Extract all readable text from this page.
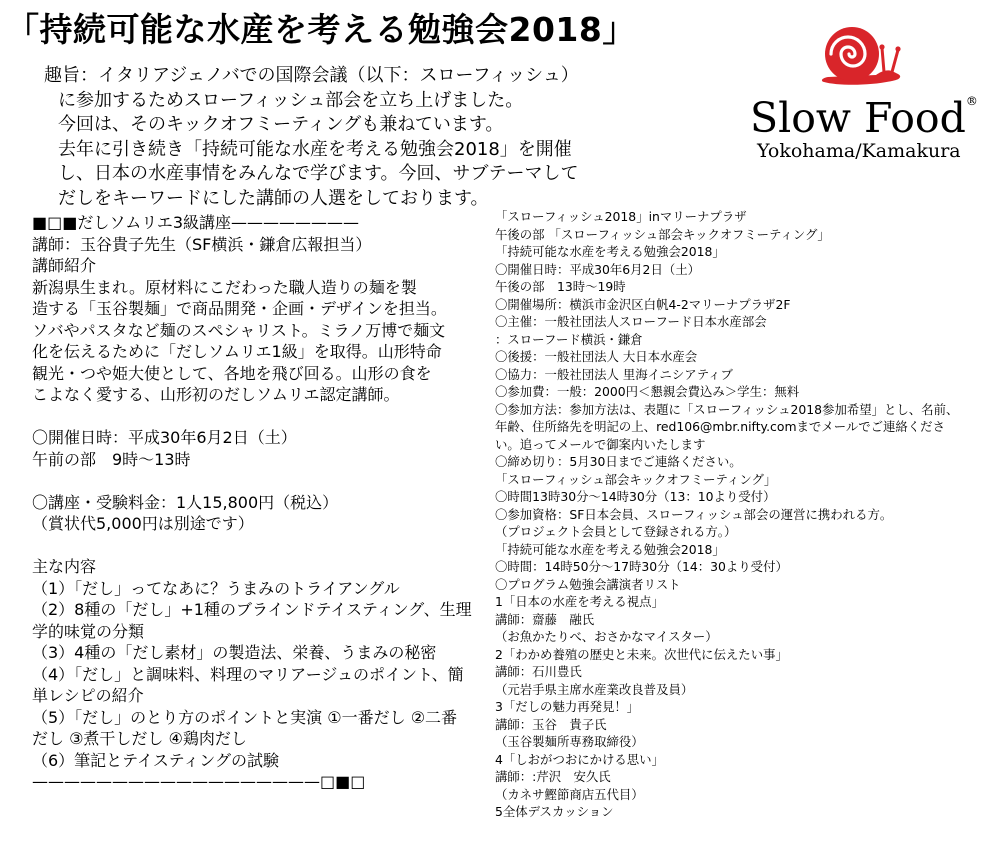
「持続可能な水産を考える勉強会2018」
Slow Food®
Yokohama/Kamakura
趣旨：イタリアジェノバでの国際会議（以下：スローフィッシュ）
に参加するためスローフィッシュ部会を立ち上げました。
今回は、そのキックオフミーティングも兼ねています。
去年に引き続き「持続可能な水産を考える勉強会2018」を開催
し、日本の水産事情をみんなで学びます。今回、サブテーマして
だしをキーワードにした講師の人選をしております。
■□■だしソムリエ3級講座————————
講師：玉谷貴子先生（SF横浜・鎌倉広報担当）
講師紹介
新潟県生まれ。原材料にこだわった職人造りの麺を製
造する「玉谷製麺」で商品開発・企画・デザインを担当。
ソバやパスタなど麺のスペシャリスト。ミラノ万博で麺文
化を伝えるために「だしソムリエ1級」を取得。山形特命
観光・つや姫大使として、各地を飛び回る。山形の食を
こよなく愛する、山形初のだしソムリエ認定講師。
〇開催日時：平成30年6月2日（土）
午前の部　9時～13時
〇講座・受験料金：1人15,800円（税込）
（賞状代5,000円は別途です）
主な内容
（1）「だし」ってなあに？うまみのトライアングル
（2）8種の「だし」+1種のブラインドテイスティング、生理
学的味覚の分類
（3）4種の「だし素材」の製造法、栄養、うまみの秘密
（4）「だし」と調味料、料理のマリアージュのポイント、簡
単レシピの紹介
（5）「だし」のとり方のポイントと実演 ①一番だし ②二番
だし ③煮干しだし ④鶏肉だし
（6）筆記とテイスティングの試験
——————————————————□■□
「スローフィッシュ2018」inマリーナプラザ
午後の部 「スローフィッシュ部会キックオフミーティング」
「持続可能な水産を考える勉強会2018」
〇開催日時：平成30年6月2日（土）
午後の部　13時～19時
〇開催場所：横浜市金沢区白帆4-2マリーナプラザ2F
〇主催：一般社団法人スローフード日本水産部会
：スローフード横浜・鎌倉
〇後援：一般社団法人 大日本水産会
〇協力：一般社団法人 里海イニシアティブ
〇参加費：一般：2000円＜懇親会費込み＞学生：無料
〇参加方法：参加方法は、表題に「スローフィッシュ2018参加希望」とし、名前、
年齢、住所絡先を明記の上、red106@mbr.nifty.comまでメールでご連絡くださ
い。追ってメールで御案内いたします
〇締め切り：5月30日までご連絡ください。
「スローフィッシュ部会キックオフミーティング」
〇時間13時30分～14時30分（13：10より受付）
〇参加資格：SF日本会員、スローフィッシュ部会の運営に携われる方。
（プロジェクト会員として登録される方。）
「持続可能な水産を考える勉強会2018」
〇時間：14時50分～17時30分（14：30より受付）
〇プログラム勉強会講演者リスト
1「日本の水産を考える視点」
講師：齋藤　融氏
（お魚かたりべ、おさかなマイスター）
2「わかめ養殖の歴史と未来。次世代に伝えたい事」
講師：石川豊氏
（元岩手県主席水産業改良普及員）
3「だしの魅力再発見！」
講師：玉谷　貴子氏
（玉谷製麺所専務取締役）
4「しおがつおにかける思い」
講師：:芹沢　安久氏
（カネサ鰹節商店五代目）
5全体デスカッション
